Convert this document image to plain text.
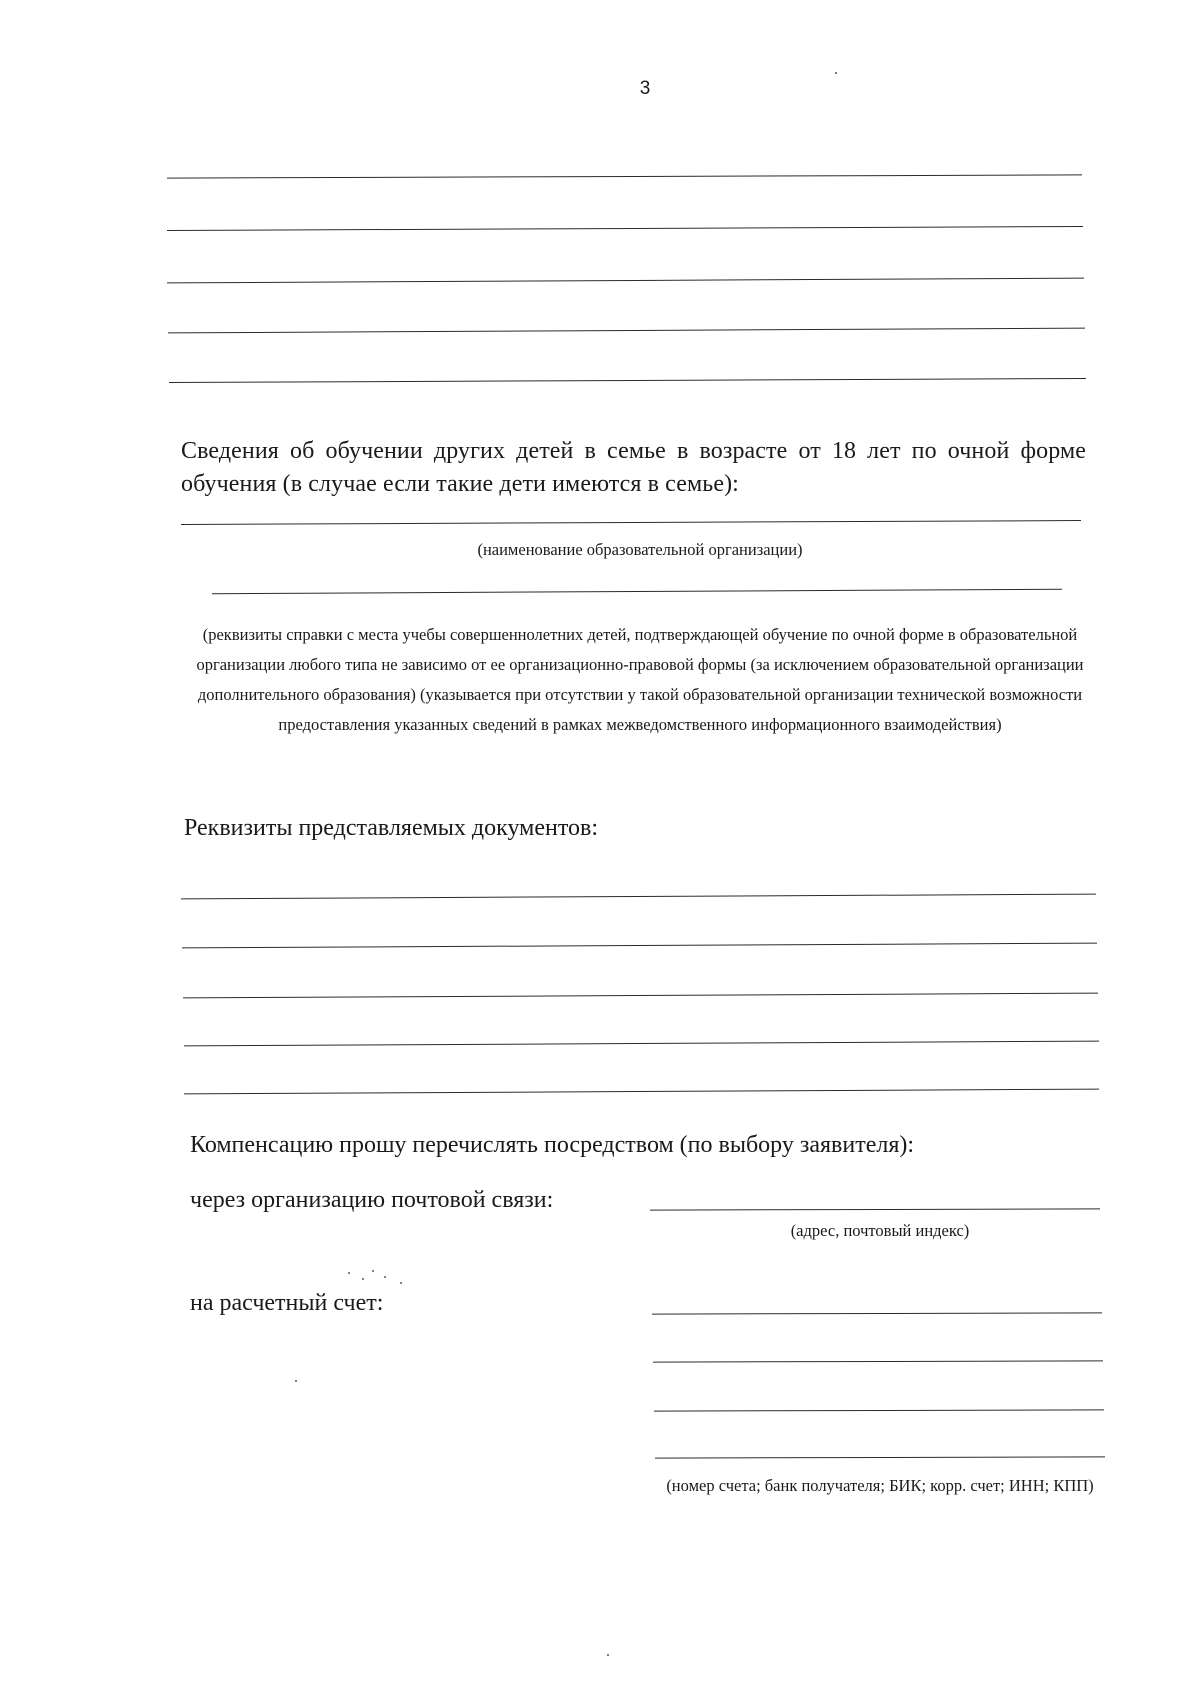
3
Сведения об обучении других детей в семье в возрасте от 18 лет по очной форме обучения (в случае если такие дети имеются в семье):
(наименование образовательной организации)
(реквизиты справки с места учебы совершеннолетних детей, подтверждающей обучение по очной форме в образовательной организации любого типа не зависимо от ее организационно-правовой формы (за исключением образовательной организации дополнительного образования) (указывается при отсутствии у такой образовательной организации технической возможности предоставления указанных сведений в рамках межведомственного информационного взаимодействия)
Реквизиты представляемых документов:
Компенсацию прошу перечислять посредством (по выбору заявителя):
через организацию почтовой связи:
(адрес, почтовый индекс)
на расчетный счет:
(номер счета; банк получателя; БИК; корр. счет; ИНН; КПП)
